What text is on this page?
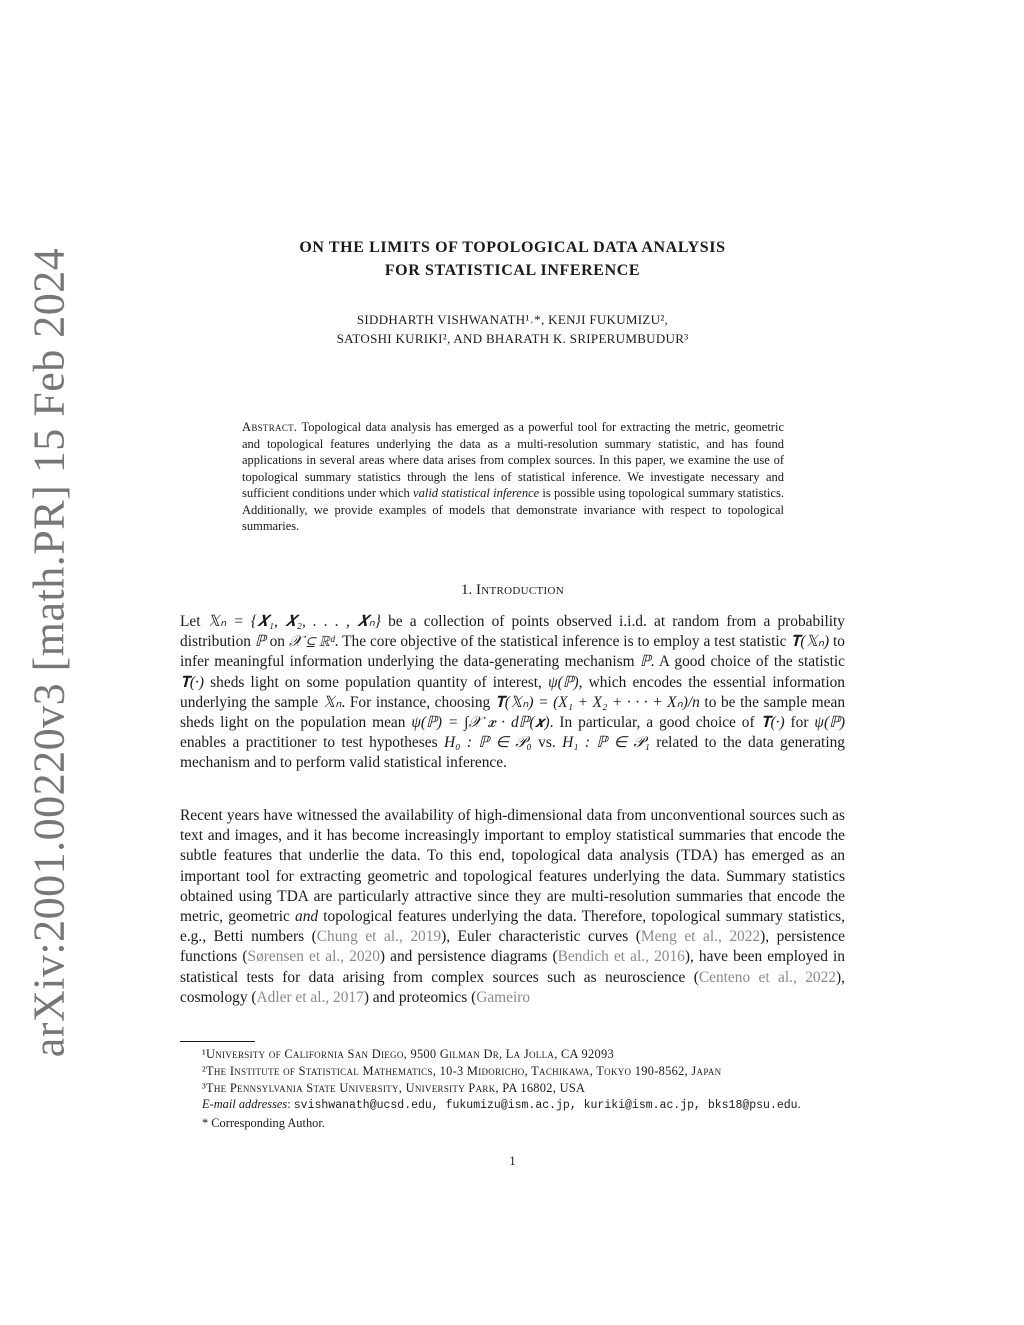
arXiv:2001.00220v3 [math.PR] 15 Feb 2024	ON THE LIMITS OF TOPOLOGICAL DATA ANALYSIS
FOR STATISTICAL INFERENCE
SIDDHARTH VISHWANATH¹˒*, KENJI FUKUMIZU²,
SATOSHI KURIKI², AND BHARATH K. SRIPERUMBUDUR³
Abstract. Topological data analysis has emerged as a powerful tool for extracting the metric, geometric and topological features underlying the data as a multi-resolution summary statistic, and has found applications in several areas where data arises from complex sources. In this paper, we examine the use of topological summary statistics through the lens of statistical inference. We investigate necessary and sufficient conditions under which valid statistical inference is possible using topological summary statistics. Additionally, we provide examples of models that demonstrate invariance with respect to topological summaries.
1. Introduction
Let 𝕏ₙ = {𝑿₁, 𝑿₂, . . . , 𝑿ₙ} be a collection of points observed i.i.d. at random from a probability distribution ℙ on 𝒳 ⊆ ℝᵈ. The core objective of the statistical inference is to employ a test statistic 𝐓(𝕏ₙ) to infer meaningful information underlying the data-generating mechanism ℙ. A good choice of the statistic 𝐓(·) sheds light on some population quantity of interest, ψ(ℙ), which encodes the essential information underlying the sample 𝕏ₙ. For instance, choosing 𝐓(𝕏ₙ) = (X₁ + X₂ + · · · + Xₙ)/n to be the sample mean sheds light on the population mean ψ(ℙ) = ∫𝒳 𝒙 · dℙ(𝒙). In particular, a good choice of 𝐓(·) for ψ(ℙ) enables a practitioner to test hypotheses H₀ : ℙ ∈ 𝒫₀ vs. H₁ : ℙ ∈ 𝒫₁ related to the data generating mechanism and to perform valid statistical inference.
Recent years have witnessed the availability of high-dimensional data from unconventional sources such as text and images, and it has become increasingly important to employ statistical summaries that encode the subtle features that underlie the data. To this end, topological data analysis (TDA) has emerged as an important tool for extracting geometric and topological features underlying the data. Summary statistics obtained using TDA are particularly attractive since they are multi-resolution summaries that encode the metric, geometric and topological features underlying the data. Therefore, topological summary statistics, e.g., Betti numbers (Chung et al., 2019), Euler characteristic curves (Meng et al., 2022), persistence functions (Sørensen et al., 2020) and persistence diagrams (Bendich et al., 2016), have been employed in statistical tests for data arising from complex sources such as neuroscience (Centeno et al., 2022), cosmology (Adler et al., 2017) and proteomics (Gameiro
¹University of California San Diego, 9500 Gilman Dr, La Jolla, CA 92093
²The Institute of Statistical Mathematics, 10-3 Midoricho, Tachikawa, Tokyo 190-8562, Japan
³The Pennsylvania State University, University Park, PA 16802, USA
E-mail addresses: svishwanath@ucsd.edu, fukumizu@ism.ac.jp, kuriki@ism.ac.jp, bks18@psu.edu.
* Corresponding Author.
1
